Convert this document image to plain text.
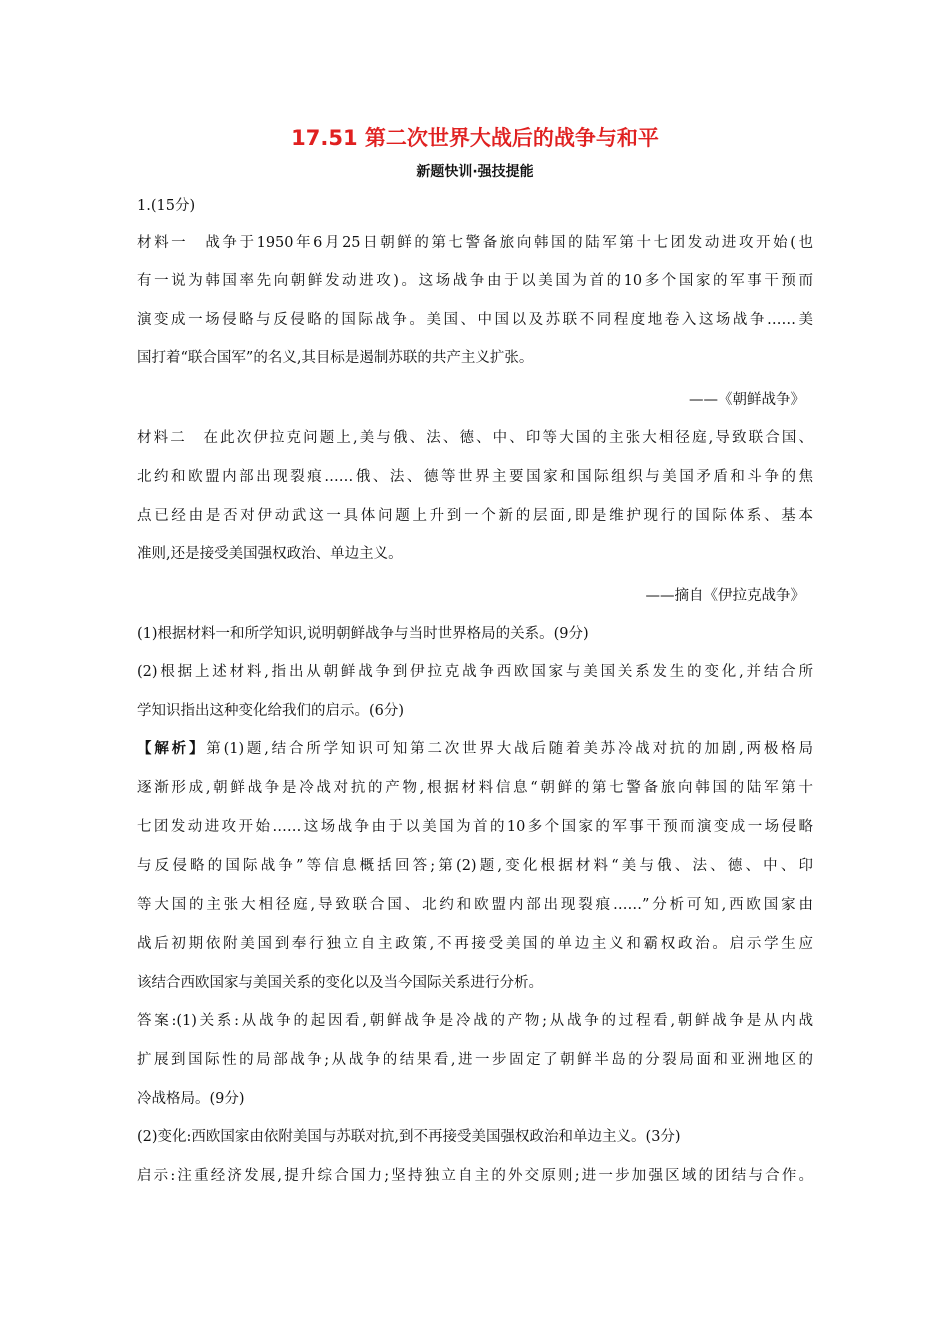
17.51 第二次世界大战后的战争与和平
新题快训·强技提能
1.(15分)
材料一　战争于1950年6月25日朝鲜的第七警备旅向韩国的陆军第十七团发动进攻开始(也
有一说为韩国率先向朝鲜发动进攻)。这场战争由于以美国为首的10多个国家的军事干预而
演变成一场侵略与反侵略的国际战争。美国、中国以及苏联不同程度地卷入这场战争……美
国打着“联合国军”的名义,其目标是遏制苏联的共产主义扩张。
——《朝鲜战争》
材料二　在此次伊拉克问题上,美与俄、法、德、中、印等大国的主张大相径庭,导致联合国、
北约和欧盟内部出现裂痕……俄、法、德等世界主要国家和国际组织与美国矛盾和斗争的焦
点已经由是否对伊动武这一具体问题上升到一个新的层面,即是维护现行的国际体系、基本
准则,还是接受美国强权政治、单边主义。
——摘自《伊拉克战争》
(1)根据材料一和所学知识,说明朝鲜战争与当时世界格局的关系。(9分)
(2)根据上述材料,指出从朝鲜战争到伊拉克战争西欧国家与美国关系发生的变化,并结合所
学知识指出这种变化给我们的启示。(6分)
【解析】第(1)题,结合所学知识可知第二次世界大战后随着美苏冷战对抗的加剧,两极格局
逐渐形成,朝鲜战争是冷战对抗的产物,根据材料信息“朝鲜的第七警备旅向韩国的陆军第十
七团发动进攻开始……这场战争由于以美国为首的10多个国家的军事干预而演变成一场侵略
与反侵略的国际战争”等信息概括回答;第(2)题,变化根据材料“美与俄、法、德、中、印
等大国的主张大相径庭,导致联合国、北约和欧盟内部出现裂痕……”分析可知,西欧国家由
战后初期依附美国到奉行独立自主政策,不再接受美国的单边主义和霸权政治。启示学生应
该结合西欧国家与美国关系的变化以及当今国际关系进行分析。
答案:(1)关系:从战争的起因看,朝鲜战争是冷战的产物;从战争的过程看,朝鲜战争是从内战
扩展到国际性的局部战争;从战争的结果看,进一步固定了朝鲜半岛的分裂局面和亚洲地区的
冷战格局。(9分)
(2)变化:西欧国家由依附美国与苏联对抗,到不再接受美国强权政治和单边主义。(3分)
启示:注重经济发展,提升综合国力;坚持独立自主的外交原则;进一步加强区域的团结与合作。
